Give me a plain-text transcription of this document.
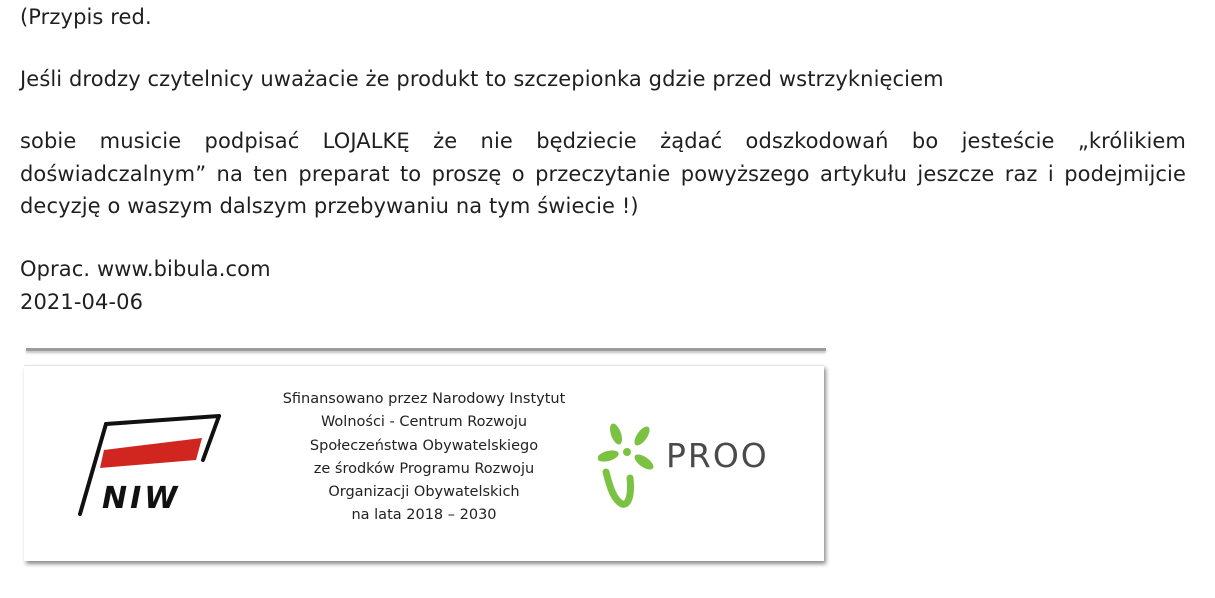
(Przypis red.

Jeśli drodzy czytelnicy uważacie że produkt to szczepionka gdzie przed wstrzyknięciem

sobie musicie podpisać LOJALKĘ że nie będziecie żądać odszkodowań bo jesteście „królikiem doświadczalnym” na ten preparat to proszę o przeczytanie powyższego artykułu jeszcze raz i podejmijcie decyzję o waszym dalszym przebywaniu na tym świecie !)

Oprac. www.bibula.com

2021-04-06

NIW
Sfinansowano przez Narodowy Instytut
Wolności - Centrum Rozwoju
Społeczeństwa Obywatelskiego
ze środków Programu Rozwoju
Organizacji Obywatelskich
na lata 2018 – 2030
PROO
